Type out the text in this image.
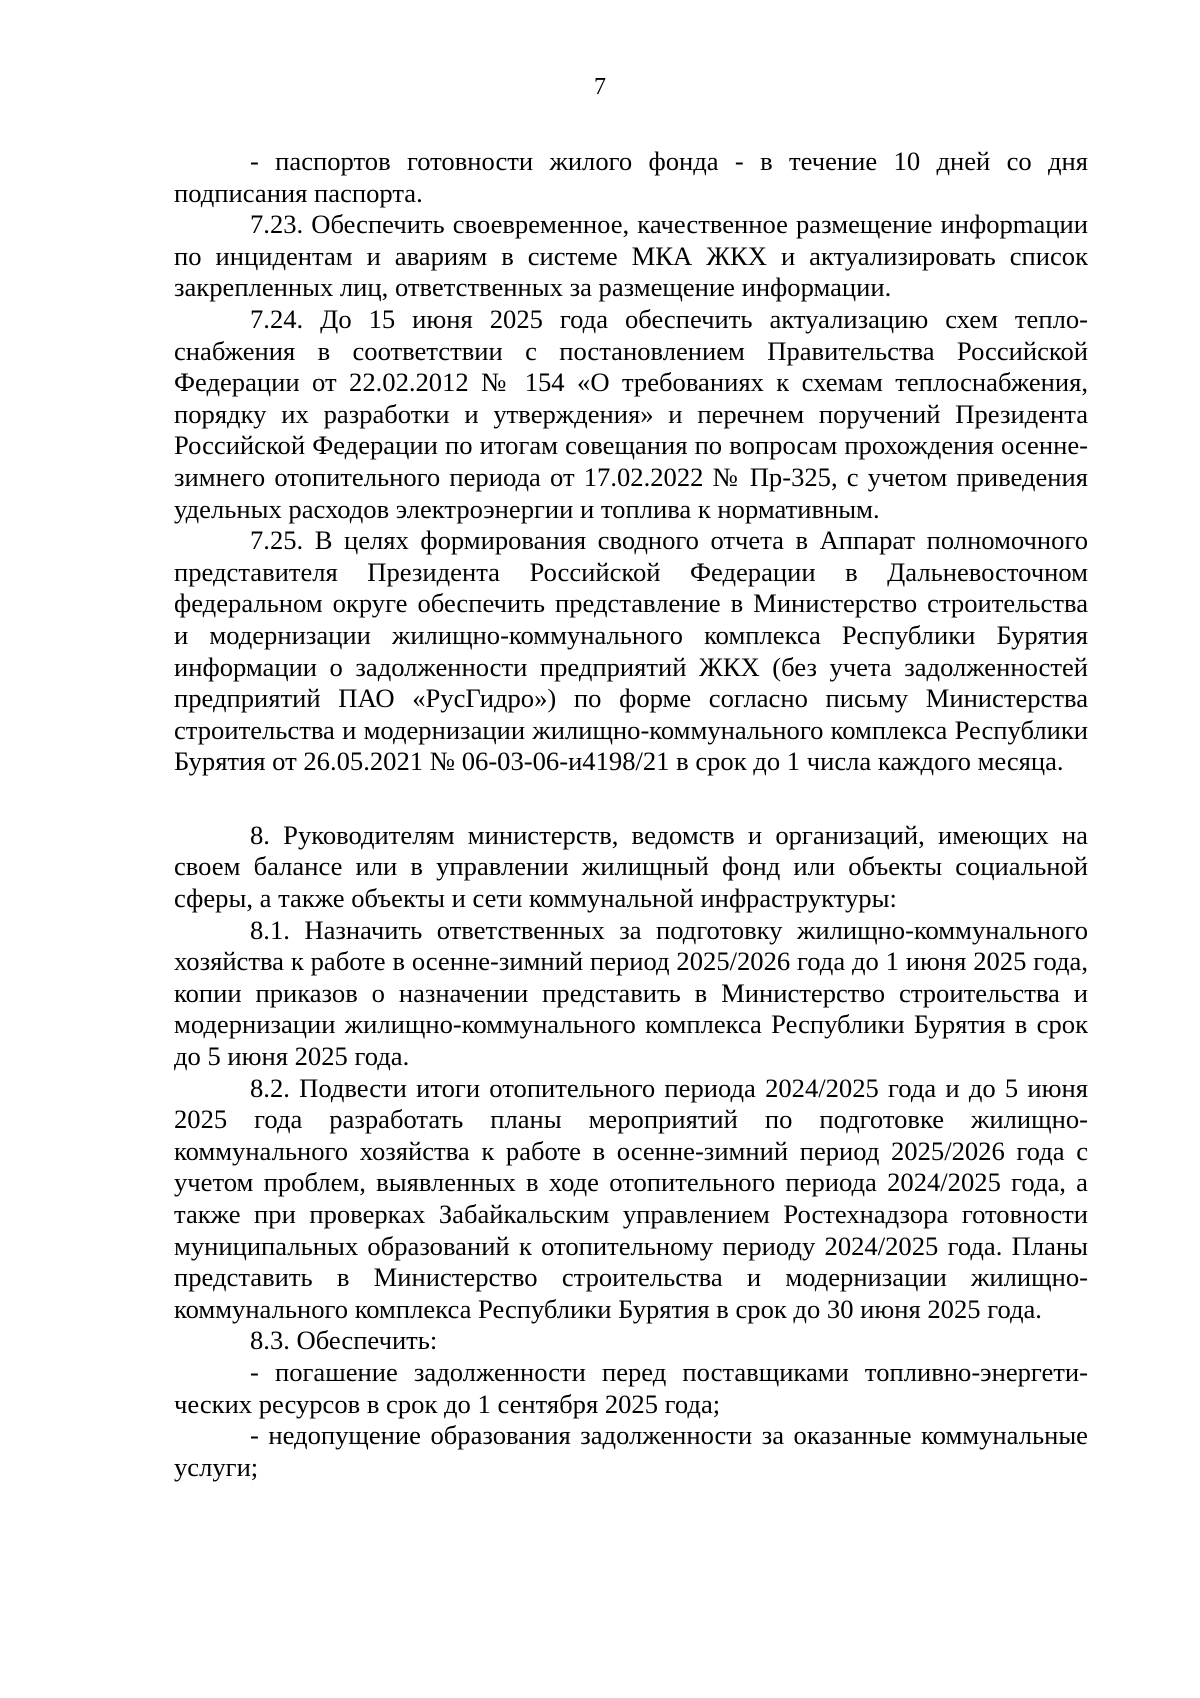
7

- паспортов готовности жилого фонда - в течение 10 дней со дня подписания паспорта.

7.23. Обеспечить своевременное, качественное размещение инфорmации по инцидентам и авариям в системе МКА ЖКХ и актуализировать список закрепленных лиц, ответственных за размещение информации.

7.24. До 15 июня 2025 года обеспечить актуализацию схем теплоснабжения в соответствии с постановлением Правительства Российской Федерации от 22.02.2012 № 154 «О требованиях к схемам теплоснабжения, порядку их разработки и утверждения» и перечнем поручений Президента Российской Федерации по итогам совещания по вопросам прохождения осенне-зимнего отопительного периода от 17.02.2022 № Пр-325, с учетом приведения удельных расходов электроэнергии и топлива к нормативным.

7.25. В целях формирования сводного отчета в Аппарат полномочного представителя Президента Российской Федерации в Дальневосточном федеральном округе обеспечить представление в Министерство строительства и модернизации жилищно-коммунального комплекса Республики Бурятия информации о задолженности предприятий ЖКХ (без учета задолженностей предприятий ПАО «РусГидро») по форме согласно письму Министерства строительства и модернизации жилищно-коммунального комплекса Республики Бурятия от 26.05.2021 № 06-03-06-и4198/21 в срок до 1 числа каждого месяца.

8. Руководителям министерств, ведомств и организаций, имеющих на своем балансе или в управлении жилищный фонд или объекты социальной сферы, а также объекты и сети коммунальной инфраструктуры:

8.1. Назначить ответственных за подготовку жилищно-коммунального хозяйства к работе в осенне-зимний период 2025/2026 года до 1 июня 2025 года, копии приказов о назначении представить в Министерство строительства и модернизации жилищно-коммунального комплекса Республики Бурятия в срок до 5 июня 2025 года.

8.2. Подвести итоги отопительного периода 2024/2025 года и до 5 июня 2025 года разработать планы мероприятий по подготовке жилищно-коммунального хозяйства к работе в осенне-зимний период 2025/2026 года с учетом проблем, выявленных в ходе отопительного периода 2024/2025 года, а также при проверках Забайкальским управлением Ростехнадзора готовности муниципальных образований к отопительному периоду 2024/2025 года. Планы представить в Министерство строительства и модернизации жилищно-коммунального комплекса Республики Бурятия в срок до 30 июня 2025 года.

8.3. Обеспечить:

- погашение задолженности перед поставщиками топливно-энергетических ресурсов в срок до 1 сентября 2025 года;

- недопущение образования задолженности за оказанные коммунальные услуги;
